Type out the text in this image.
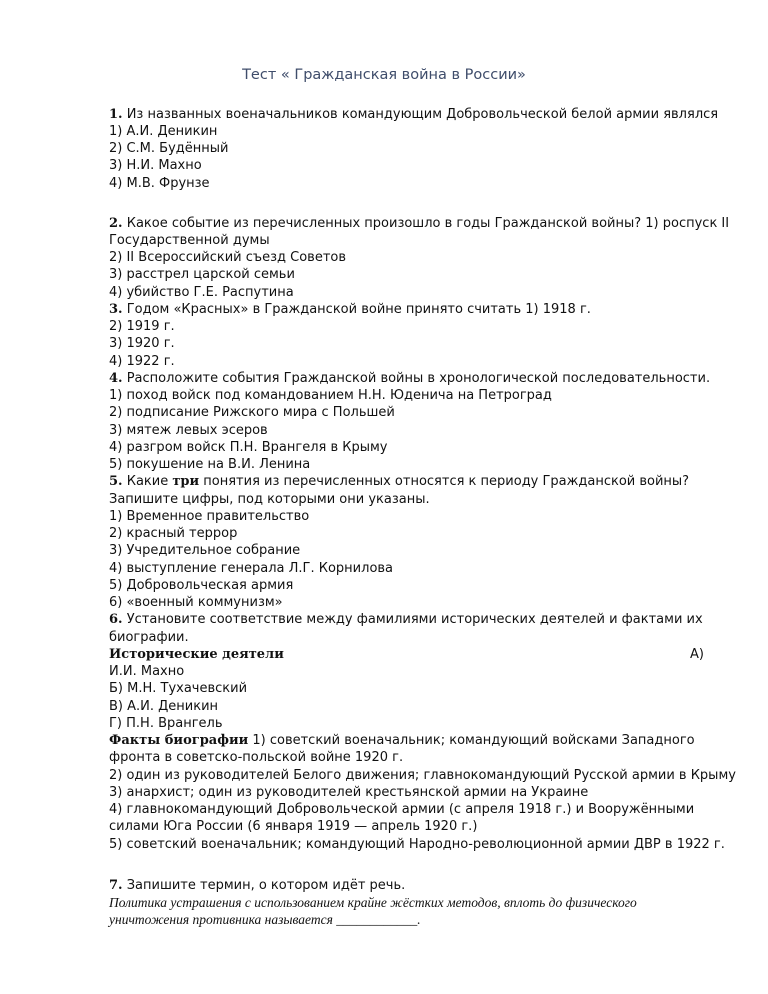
Тест « Гражданская война в России»
1. Из названных военачальников командующим Добровольческой белой армии являлся
1) А.И. Деникин
2) С.М. Будённый
3) Н.И. Махно
4) М.В. Фрунзе
2. Какое событие из перечисленных произошло в годы Гражданской войны? 1) роспуск II
Государственной думы
2) II Всероссийский съезд Советов
3) расстрел царской семьи
4) убийство Г.Е. Распутина
3. Годом «Красных» в Гражданской войне принято считать 1) 1918 г.
2) 1919 г.
3) 1920 г.
4) 1922 г.
4. Расположите события Гражданской войны в хронологической последовательности.
1) поход войск под командованием Н.Н. Юденича на Петроград
2) подписание Рижского мира с Польшей
3) мятеж левых эсеров
4) разгром войск П.Н. Врангеля в Крыму
5) покушение на В.И. Ленина
5. Какие три понятия из перечисленных относятся к периоду Гражданской войны?
Запишите цифры, под которыми они указаны.
1) Временное правительство
2) красный террор
3) Учредительное собрание
4) выступление генерала Л.Г. Корнилова
5) Добровольческая армия
6) «военный коммунизм»
6. Установите соответствие между фамилиями исторических деятелей и фактами их
биографии.
Исторические деятели	А)
И.И. Махно
Б) М.Н. Тухачевский
В) А.И. Деникин
Г) П.Н. Врангель
Факты биографии 1) советский военачальник; командующий войсками Западного
фронта в советско-польской войне 1920 г.
2) один из руководителей Белого движения; главнокомандующий Русской армии в Крыму
3) анархист; один из руководителей крестьянской армии на Украине
4) главнокомандующий Добровольческой армии (с апреля 1918 г.) и Вооружёнными
силами Юга России (6 января 1919 — апрель 1920 г.)
5) советский военачальник; командующий Народно-революционной армии ДВР в 1922 г.
7. Запишите термин, о котором идёт речь.
Политика устрашения с использованием крайне жёстких методов, вплоть до физического
уничтожения противника называется ____________.
